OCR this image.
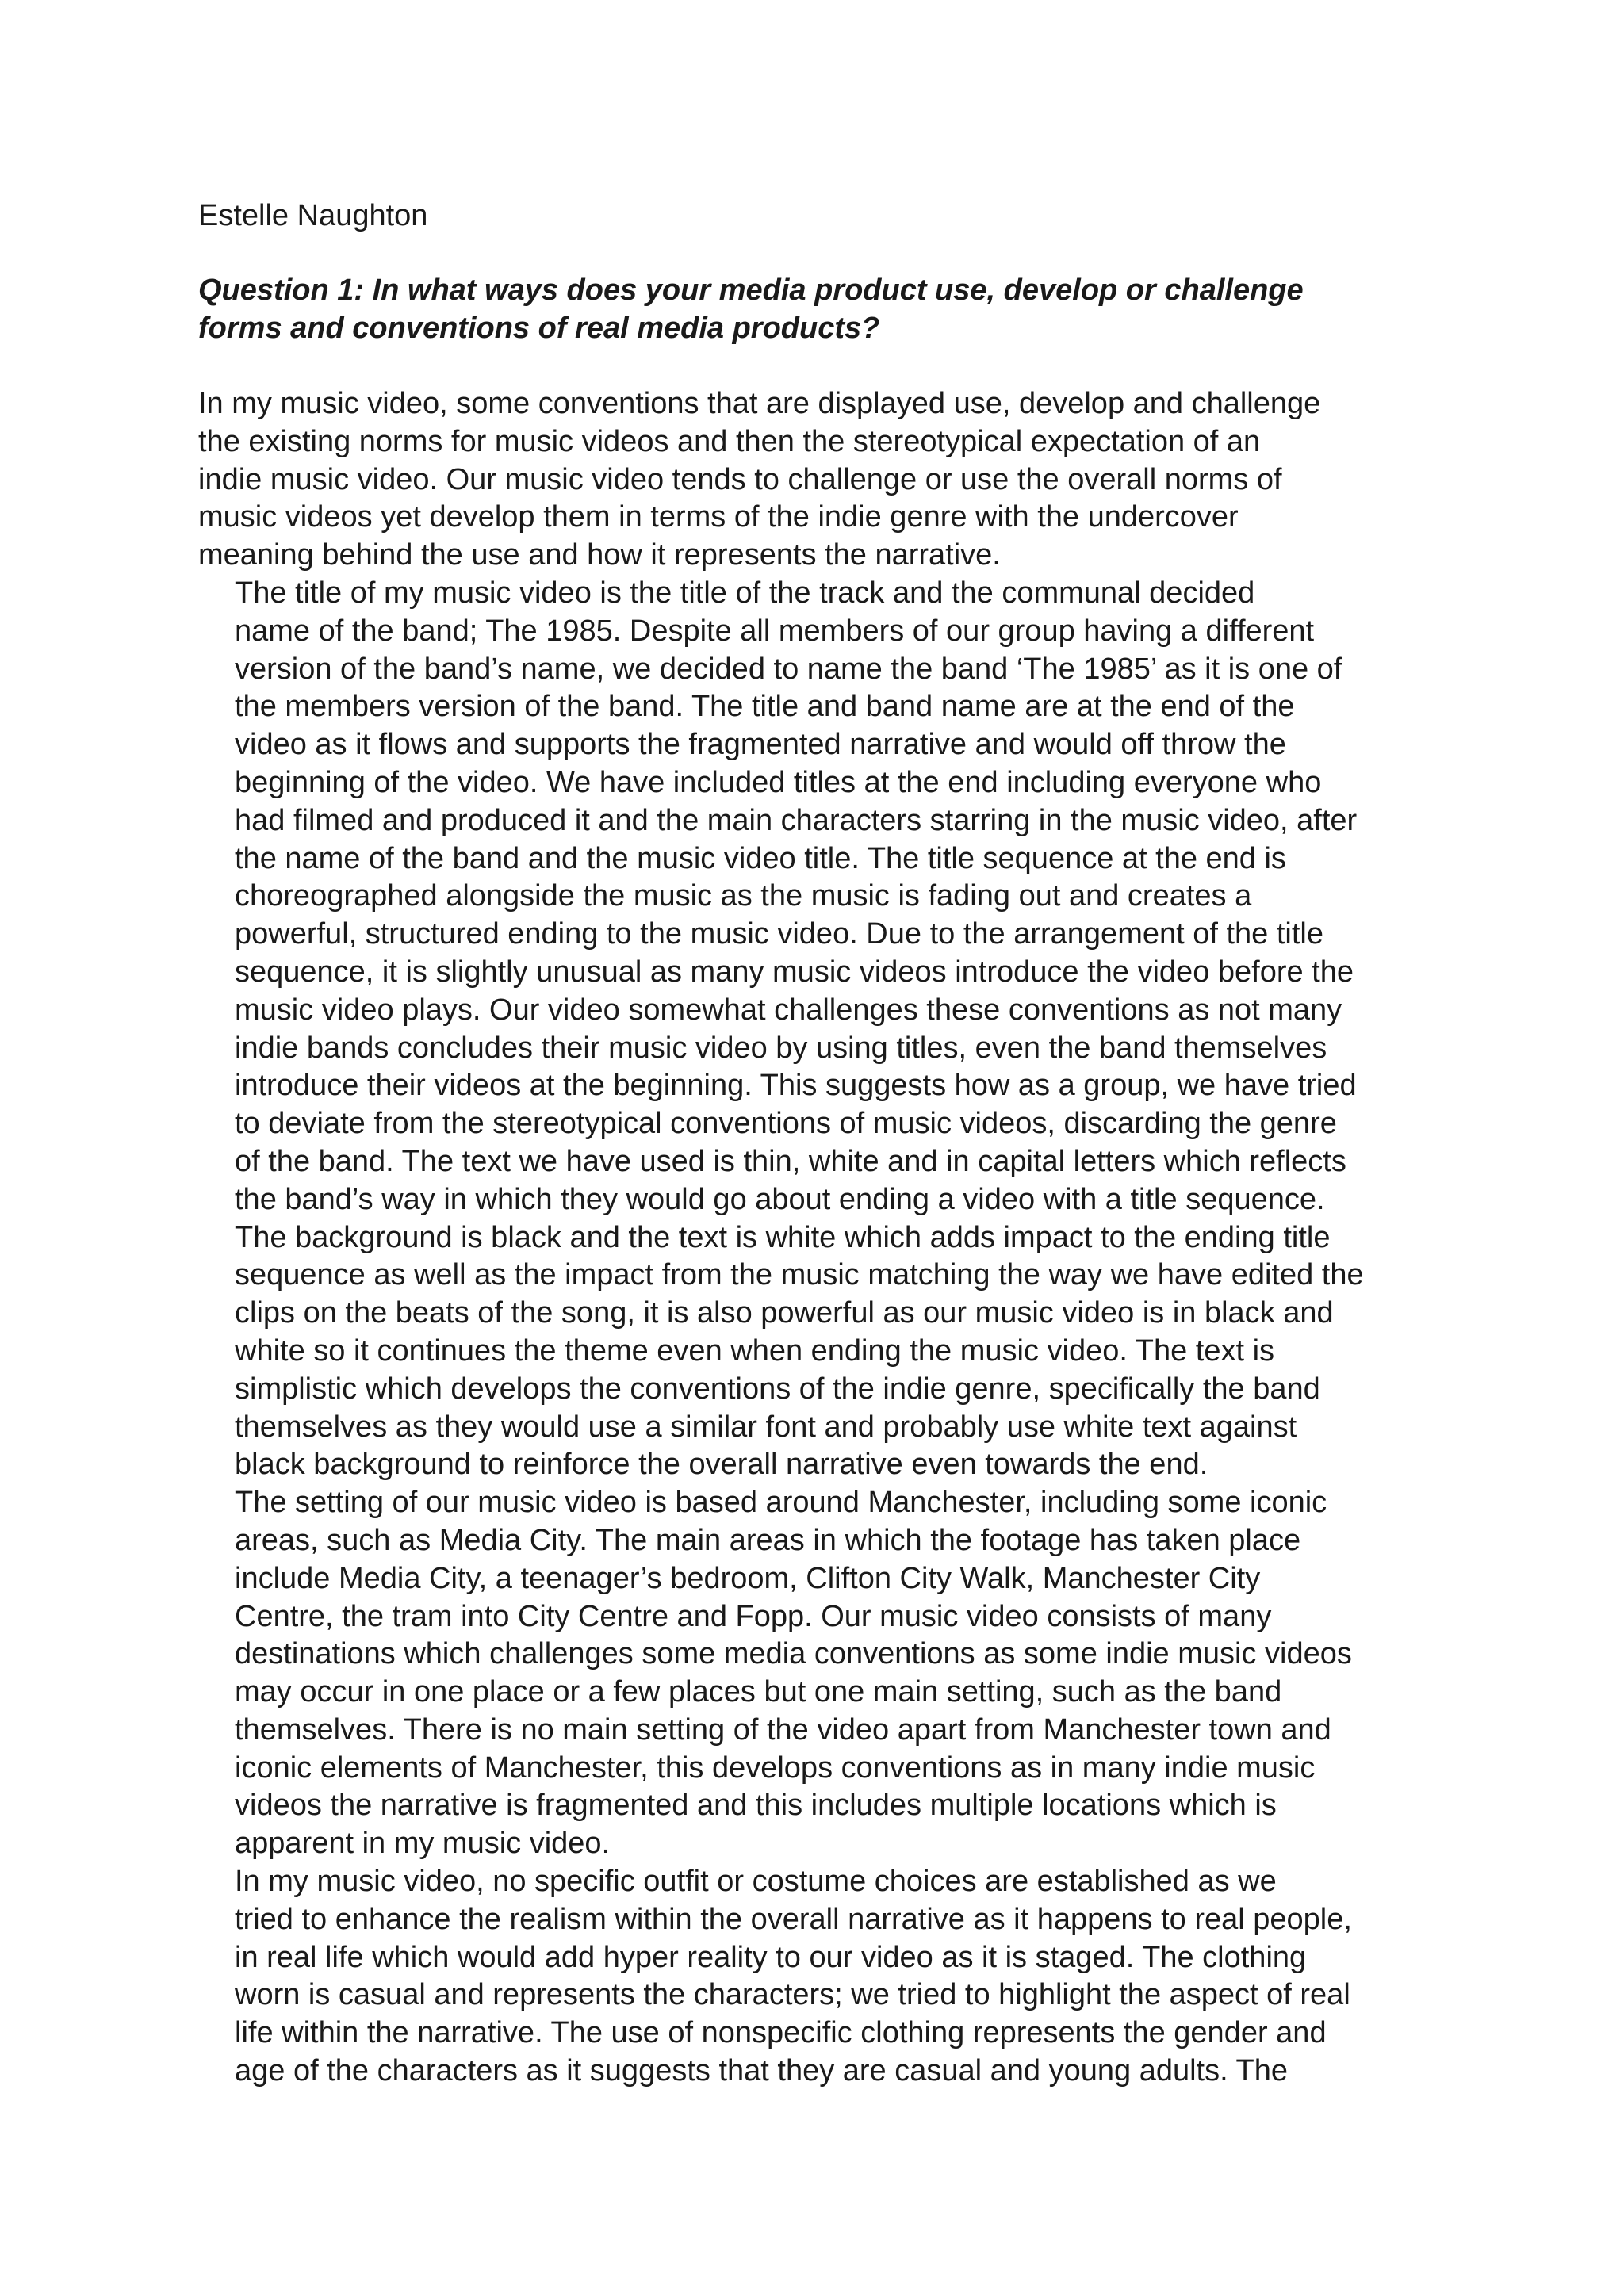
Estelle Naughton
Question 1: In what ways does your media product use, develop or challenge
forms and conventions of real media products?

In my music video, some conventions that are displayed use, develop and challenge
the existing norms for music videos and then the stereotypical expectation of an
indie music video. Our music video tends to challenge or use the overall norms of
music videos yet develop them in terms of the indie genre with the undercover
meaning behind the use and how it represents the narrative.

The title of my music video is the title of the track and the communal decided
name of the band; The 1985. Despite all members of our group having a different
version of the band’s name, we decided to name the band ‘The 1985’ as it is one of
the members version of the band. The title and band name are at the end of the
video as it flows and supports the fragmented narrative and would off throw the
beginning of the video. We have included titles at the end including everyone who
had filmed and produced it and the main characters starring in the music video, after
the name of the band and the music video title. The title sequence at the end is
choreographed alongside the music as the music is fading out and creates a
powerful, structured ending to the music video. Due to the arrangement of the title
sequence, it is slightly unusual as many music videos introduce the video before the
music video plays. Our video somewhat challenges these conventions as not many
indie bands concludes their music video by using titles, even the band themselves
introduce their videos at the beginning. This suggests how as a group, we have tried
to deviate from the stereotypical conventions of music videos, discarding the genre
of the band. The text we have used is thin, white and in capital letters which reflects
the band’s way in which they would go about ending a video with a title sequence.
The background is black and the text is white which adds impact to the ending title
sequence as well as the impact from the music matching the way we have edited the
clips on the beats of the song, it is also powerful as our music video is in black and
white so it continues the theme even when ending the music video. The text is
simplistic which develops the conventions of the indie genre, specifically the band
themselves as they would use a similar font and probably use white text against
black background to reinforce the overall narrative even towards the end.

The setting of our music video is based around Manchester, including some iconic
areas, such as Media City. The main areas in which the footage has taken place
include Media City, a teenager’s bedroom, Clifton City Walk, Manchester City
Centre, the tram into City Centre and Fopp. Our music video consists of many
destinations which challenges some media conventions as some indie music videos
may occur in one place or a few places but one main setting, such as the band
themselves. There is no main setting of the video apart from Manchester town and
iconic elements of Manchester, this develops conventions as in many indie music
videos the narrative is fragmented and this includes multiple locations which is
apparent in my music video.

In my music video, no specific outfit or costume choices are established as we
tried to enhance the realism within the overall narrative as it happens to real people,
in real life which would add hyper reality to our video as it is staged. The clothing
worn is casual and represents the characters; we tried to highlight the aspect of real
life within the narrative. The use of nonspecific clothing represents the gender and
age of the characters as it suggests that they are casual and young adults. The
